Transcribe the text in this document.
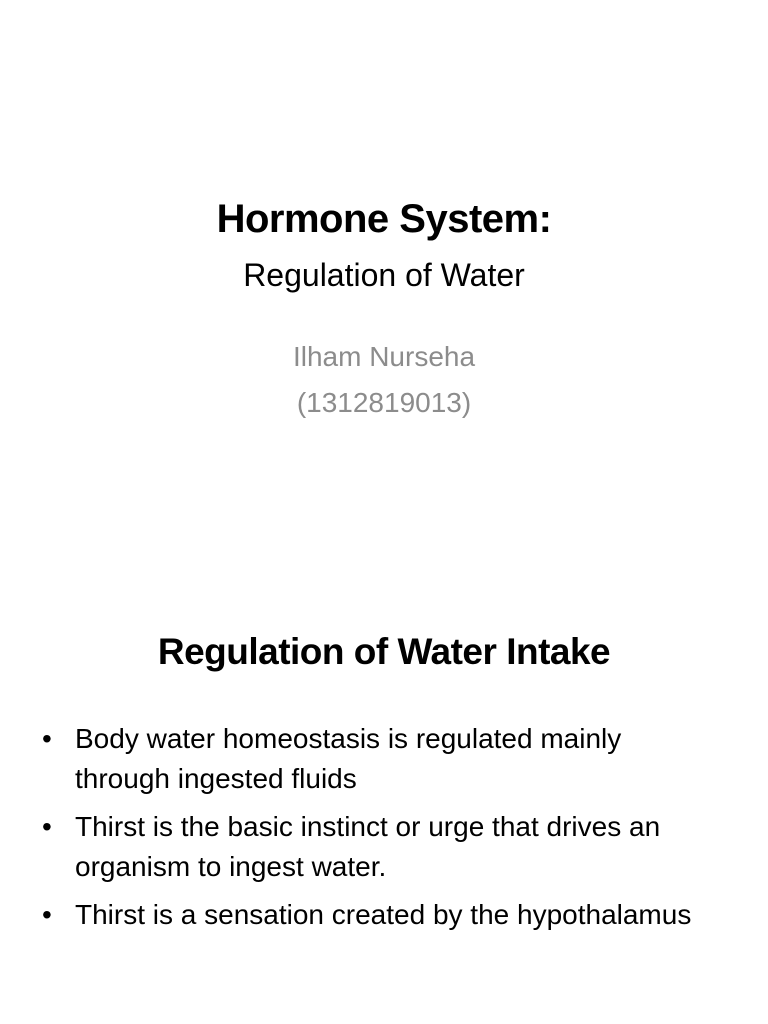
Hormone System:
Regulation of Water
Ilham Nurseha
(1312819013)
Regulation of Water Intake
• Body water homeostasis is regulated mainly through ingested fluids
• Thirst is the basic instinct or urge that drives an organism to ingest water.
• Thirst is a sensation created by the hypothalamus
